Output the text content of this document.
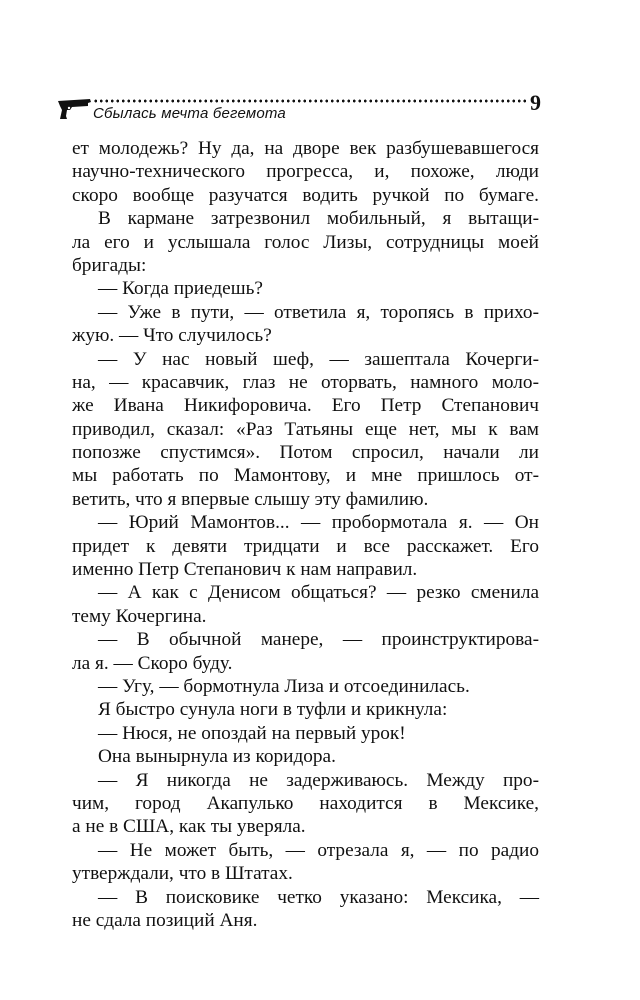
Сбылась мечта бегемота	9
ет молодежь? Ну да, на дворе век разбушевавшегося
научно-технического прогресса, и, похоже, люди
скоро вообще разучатся водить ручкой по бумаге.
В кармане затрезвонил мобильный, я вытащи-
ла его и услышала голос Лизы, сотрудницы моей
бригады:
— Когда приедешь?
— Уже в пути, — ответила я, торопясь в прихо-
жую. — Что случилось?
— У нас новый шеф, — зашептала Кочерги-
на, — красавчик, глаз не оторвать, намного моло-
же Ивана Никифоровича. Его Петр Степанович
приводил, сказал: «Раз Татьяны еще нет, мы к вам
попозже спустимся». Потом спросил, начали ли
мы работать по Мамонтову, и мне пришлось от-
ветить, что я впервые слышу эту фамилию.
— Юрий Мамонтов... — пробормотала я. — Он
придет к девяти тридцати и все расскажет. Его
именно Петр Степанович к нам направил.
— А как с Денисом общаться? — резко сменила
тему Кочергина.
— В обычной манере, — проинструктирова-
ла я. — Скоро буду.
— Угу, — бормотнула Лиза и отсоединилась.
Я быстро сунула ноги в туфли и крикнула:
— Нюся, не опоздай на первый урок!
Она вынырнула из коридора.
— Я никогда не задерживаюсь. Между про-
чим, город Акапулько находится в Мексике,
а не в США, как ты уверяла.
— Не может быть, — отрезала я, — по радио
утверждали, что в Штатах.
— В поисковике четко указано: Мексика, —
не сдала позиций Аня.
